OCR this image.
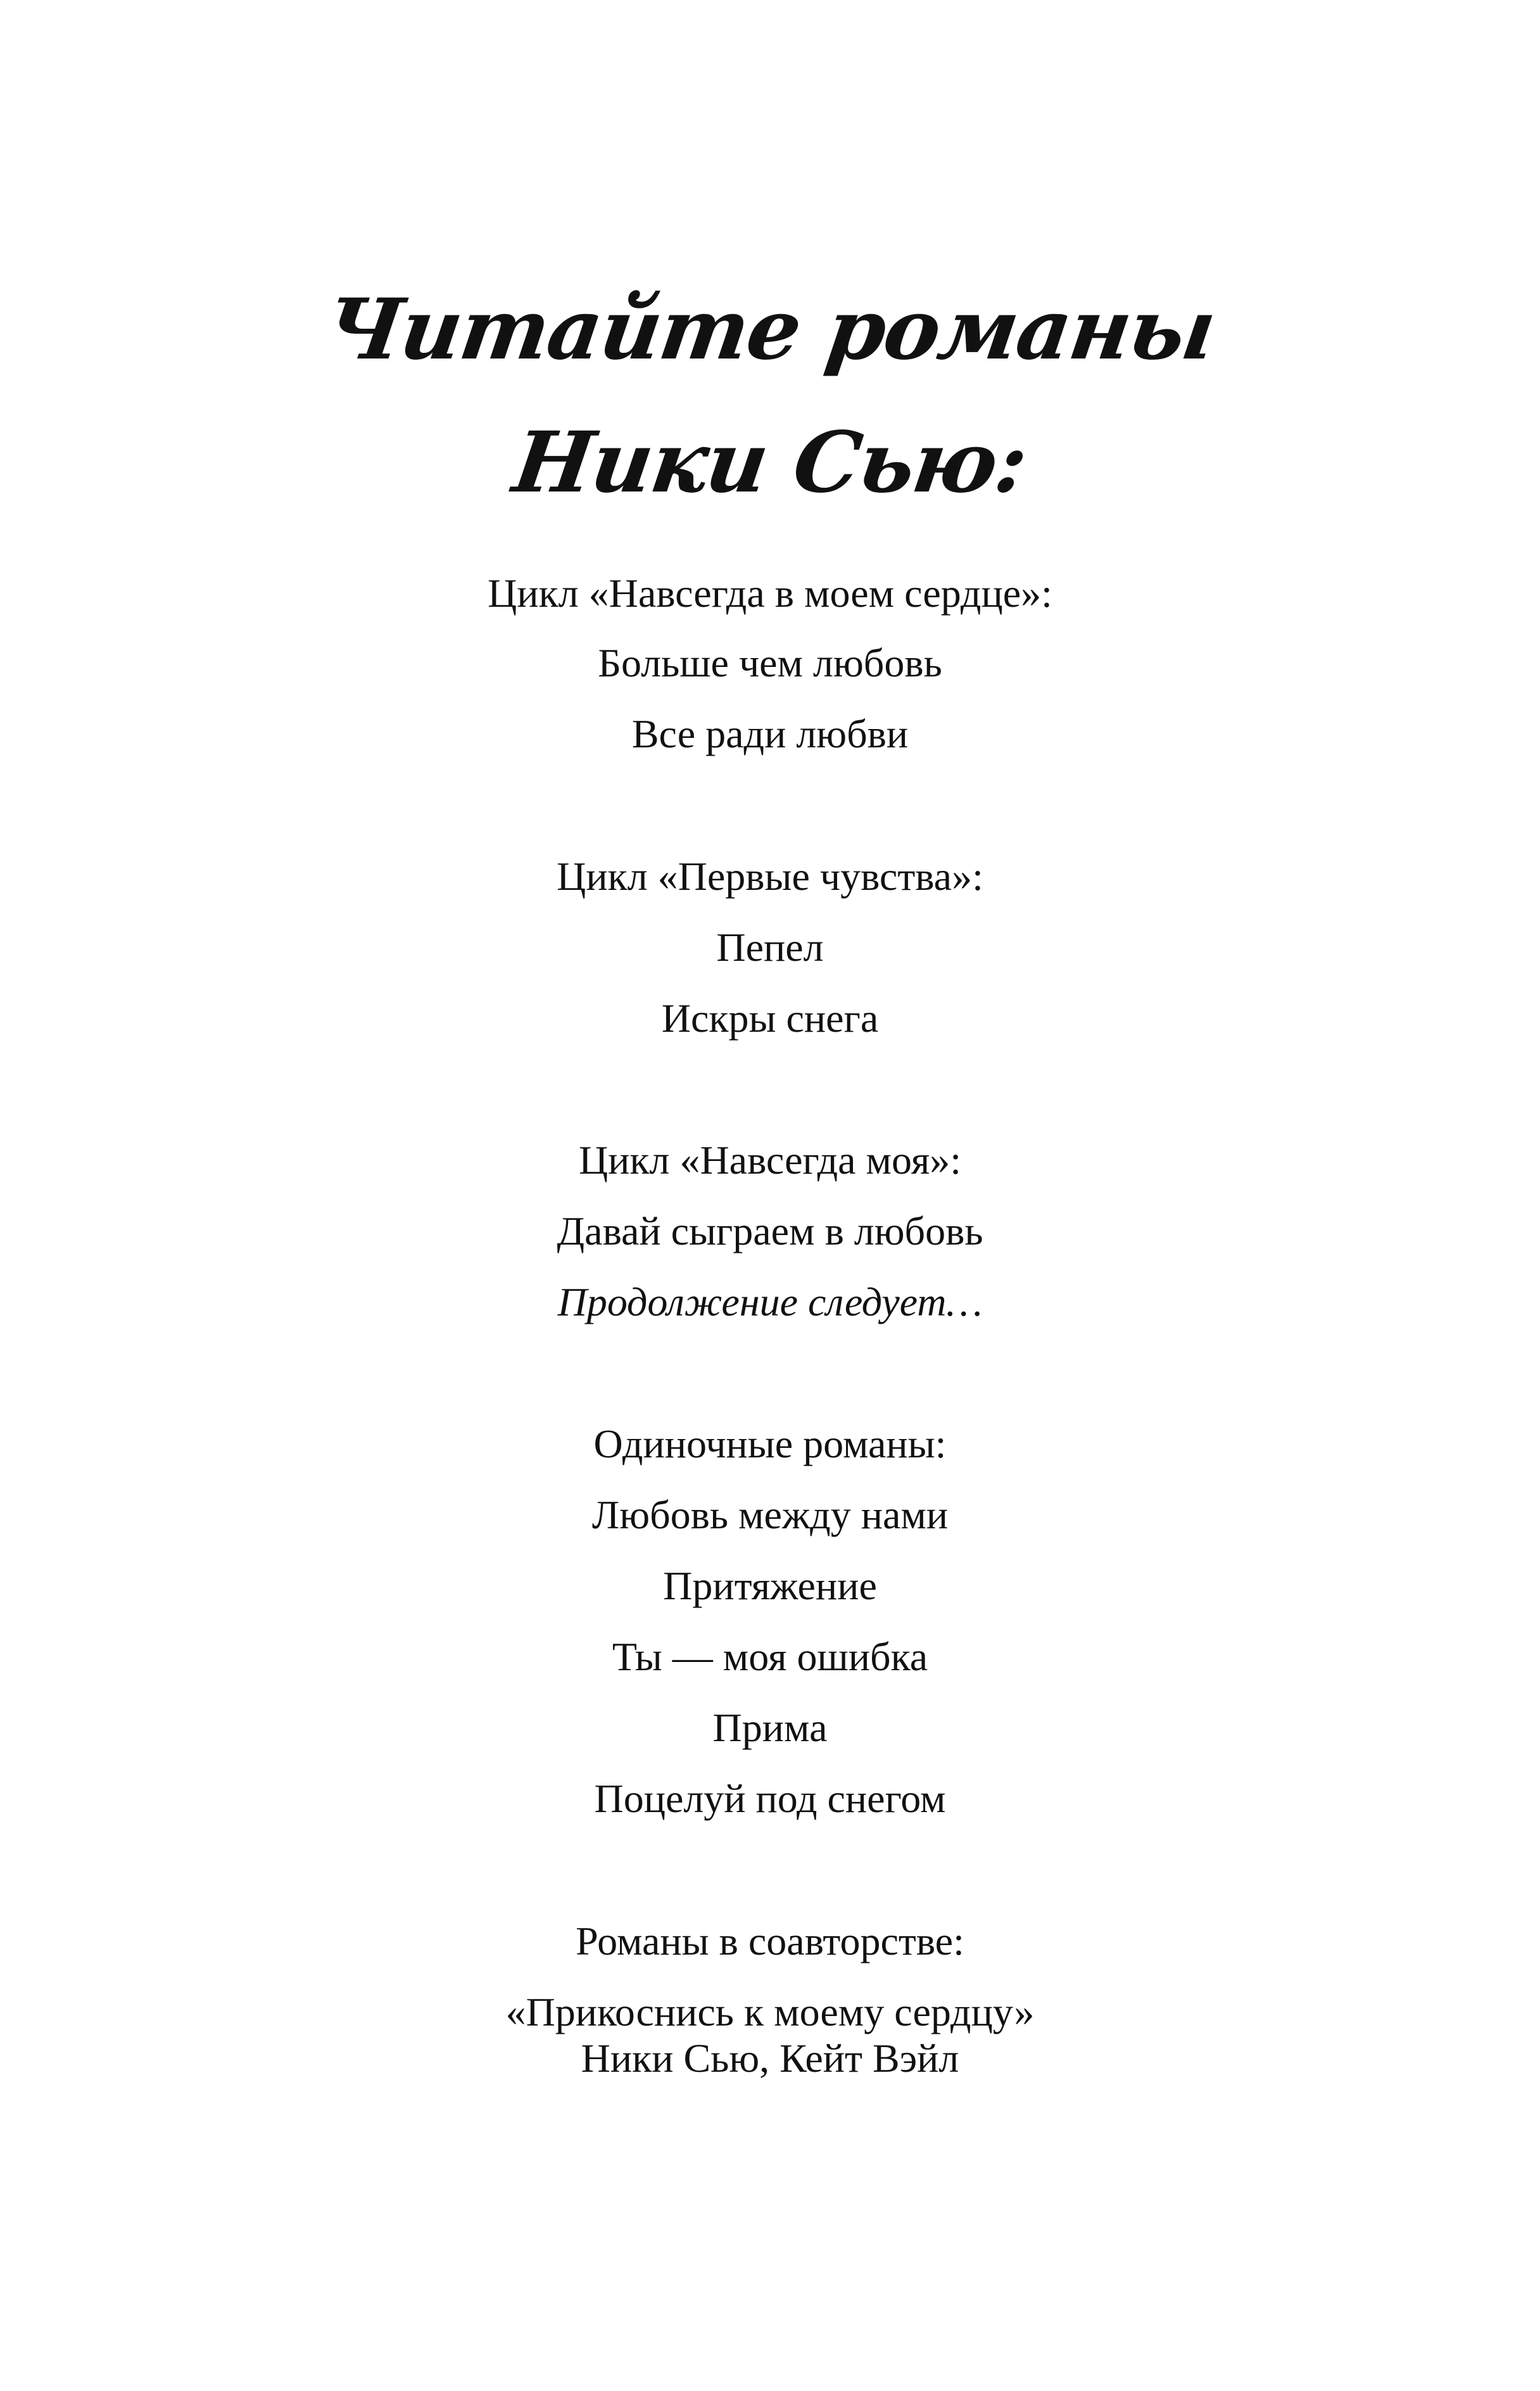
Читайте романы
Ники Сью:
Цикл «Навсегда в моем сердце»:
Больше чем любовь
Все ради любви
Цикл «Первые чувства»:
Пепел
Искры снега
Цикл «Навсегда моя»:
Давай сыграем в любовь
Продолжение следует…
Одиночные романы:
Любовь между нами
Притяжение
Ты — моя ошибка
Прима
Поцелуй под снегом
Романы в соавторстве:
«Прикоснись к моему сердцу»
Ники Сью, Кейт Вэйл
